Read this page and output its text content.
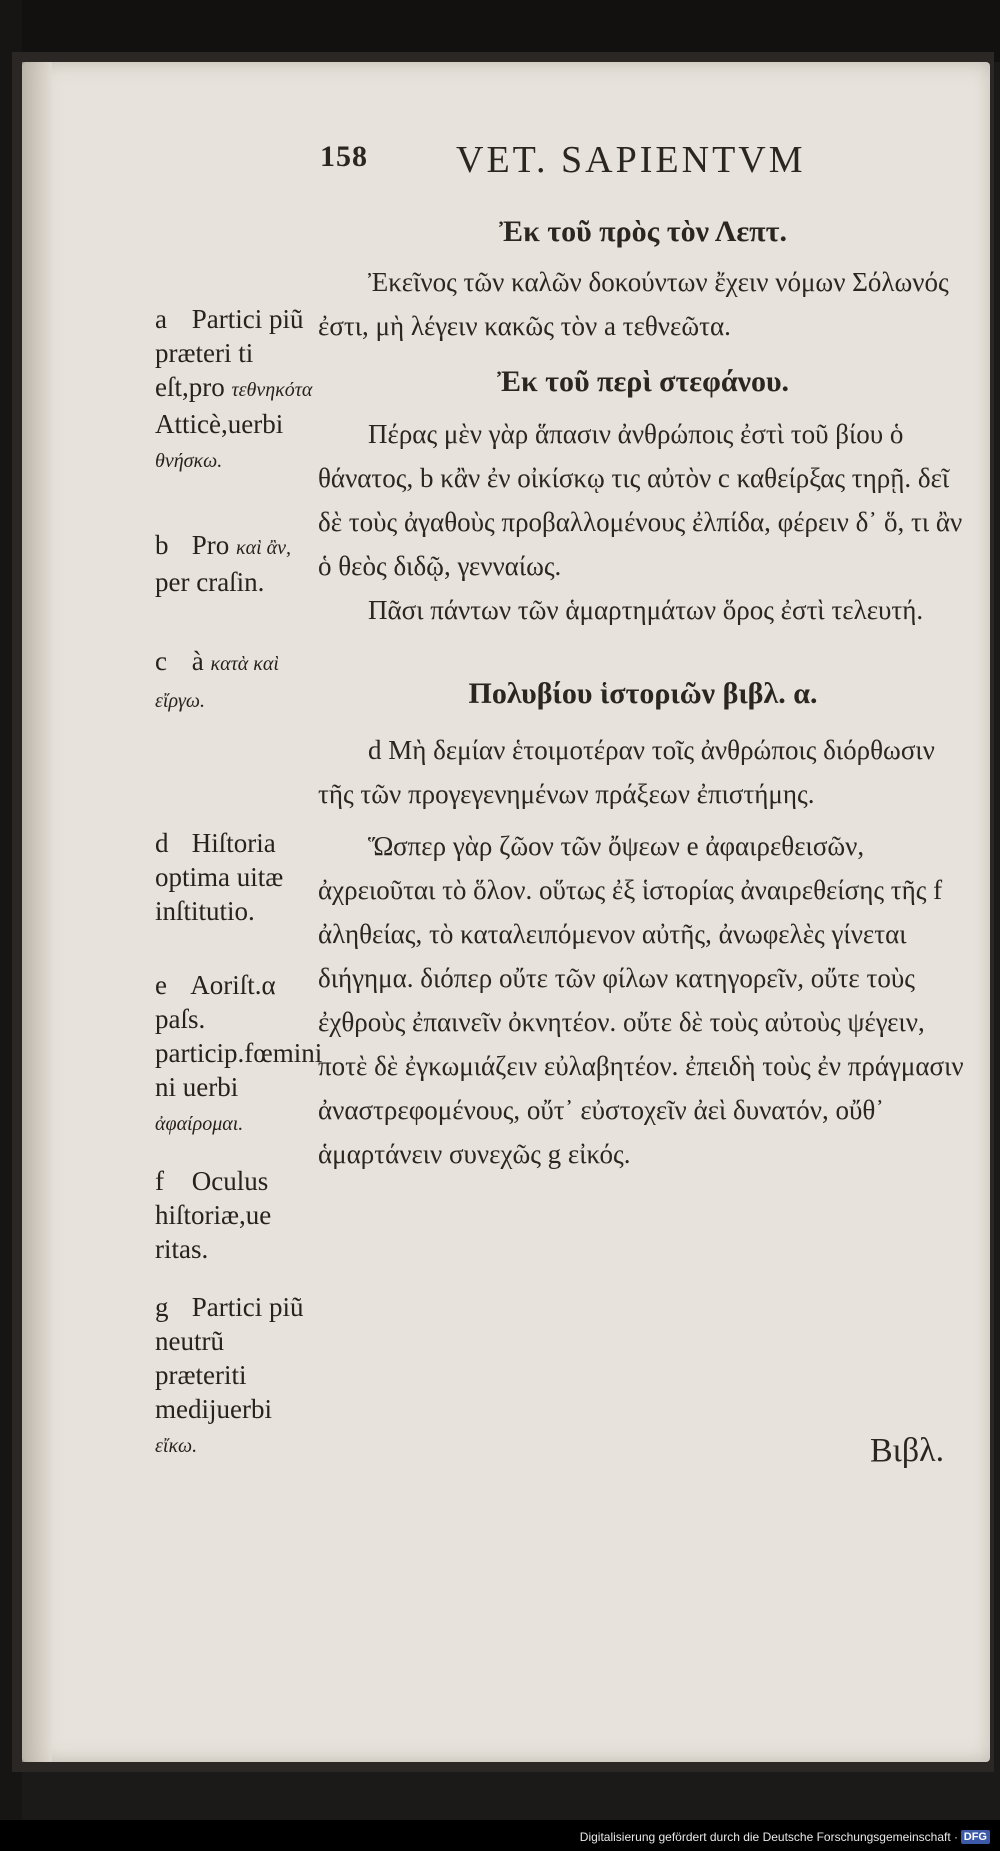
158 VET. SAPIENTVM
Ἐκ τοῦ πρὸς τὸν Λεπτ.
Ἐκεῖνος τῶν καλῶν δοκούντων ἔχειν νόμων Σόλωνός ἐστι, μὴ λέγειν κακῶς τὸν a τεθνεῶτα.
Ἐκ τοῦ περὶ στεφάνου.
Πέρας μὲν γὰρ ἅπασιν ἀνθρώποις ἐστὶ τοῦ βίου ὁ θάνατος, b κἂν ἐν οἰκίσκῳ τις αὐτὸν c καθείρξας τηρῇ. δεῖ δὲ τοὺς ἀγαθοὺς προβαλλομένους ἐλπίδα, φέρειν δ᾽ ὅ, τι ἂν ὁ θεὸς διδῷ, γενναίως.
Πᾶσι πάντων τῶν ἁμαρτημάτων ὅρος ἐστὶ τελευτή.
Πολυβίου ἱστοριῶν βιβλ. α.
d Μὴ δεμίαν ἑτοιμοτέραν τοῖς ἀνθρώποις διόρθωσιν τῆς τῶν προγεγενημένων πράξεων ἐπιστήμης.
Ὥσπερ γὰρ ζῶον τῶν ὄψεων e ἀφαιρεθεισῶν, ἀχρειοῦται τὸ ὅλον. οὕτως ἐξ ἱστορίας ἀναιρεθείσης τῆς f ἀληθείας, τὸ καταλειπόμενον αὐτῆς, ἀνωφελὲς γίνεται διήγημα. διόπερ οὔτε τῶν φίλων κατηγορεῖν, οὔτε τοὺς ἐχθροὺς ἐπαινεῖν ὀκνητέον. οὔτε δὲ τοὺς αὐτοὺς ψέγειν, ποτὲ δὲ ἐγκωμιάζειν εὐλαβητέον. ἐπειδὴ τοὺς ἐν πράγμασιν ἀναστρεφομένους, οὔτ᾽ εὐστοχεῖν ἀεὶ δυνατόν, οὔθ᾽ ἁμαρτάνειν συνεχῶς g εἰκός.
a Partici piũ præteri ti eſt,pro τεθνηκότα Atticè,uerbi θνήσκω.
b Pro καὶ ἂν, per craſin.
c à κατὰ καὶ εἴργω.
d Hiſtoria optima uitæ inſtitutio.
e Aoriſt.α paſs. particip.fœmini ni uerbi ἀφαίρομαι.
f Oculus hiſtoriæ,ue ritas.
g Partici piũ neutrũ præteriti medijuerbi εἴκω.	Βιβλ.
Digitalisierung gefördert durch die Deutsche Forschungsgemeinschaft · DFG
